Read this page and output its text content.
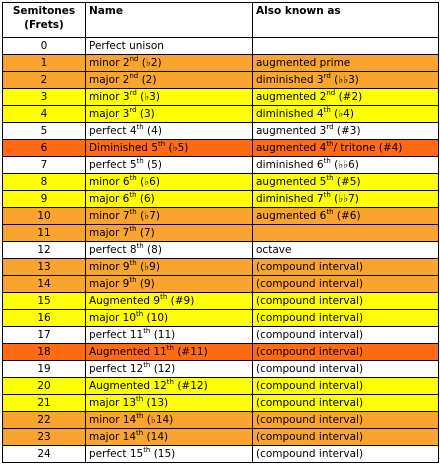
Semitones
(Frets)	Name	Also known as
0	Perfect unison	
1	minor 2nd (♭2)	augmented prime
2	major 2nd (2)	diminished 3rd (♭♭3)
3	minor 3rd (♭3)	augmented 2nd (#2)
4	major 3rd (3)	diminished 4th (♭4)
5	perfect 4th (4)	augmented 3rd (#3)
6	Diminished 5th (♭5)	augmented 4th/ tritone (#4)
7	perfect 5th (5)	diminished 6th (♭♭6)
8	minor 6th (♭6)	augmented 5th (#5)
9	major 6th (6)	diminished 7th (♭♭7)
10	minor 7th (♭7)	augmented 6th (#6)
11	major 7th (7)	
12	perfect 8th (8)	octave
13	minor 9th (♭9)	(compound interval)
14	major 9th (9)	(compound interval)
15	Augmented 9th (#9)	(compound interval)
16	major 10th (10)	(compound interval)
17	perfect 11th (11)	(compound interval)
18	Augmented 11th (#11)	(compound interval)
19	perfect 12th (12)	(compound interval)
20	Augmented 12th (#12)	(compound interval)
21	major 13th (13)	(compound interval)
22	minor 14th (♭14)	(compound interval)
23	major 14th (14)	(compound interval)
24	perfect 15th (15)	(compound interval)
